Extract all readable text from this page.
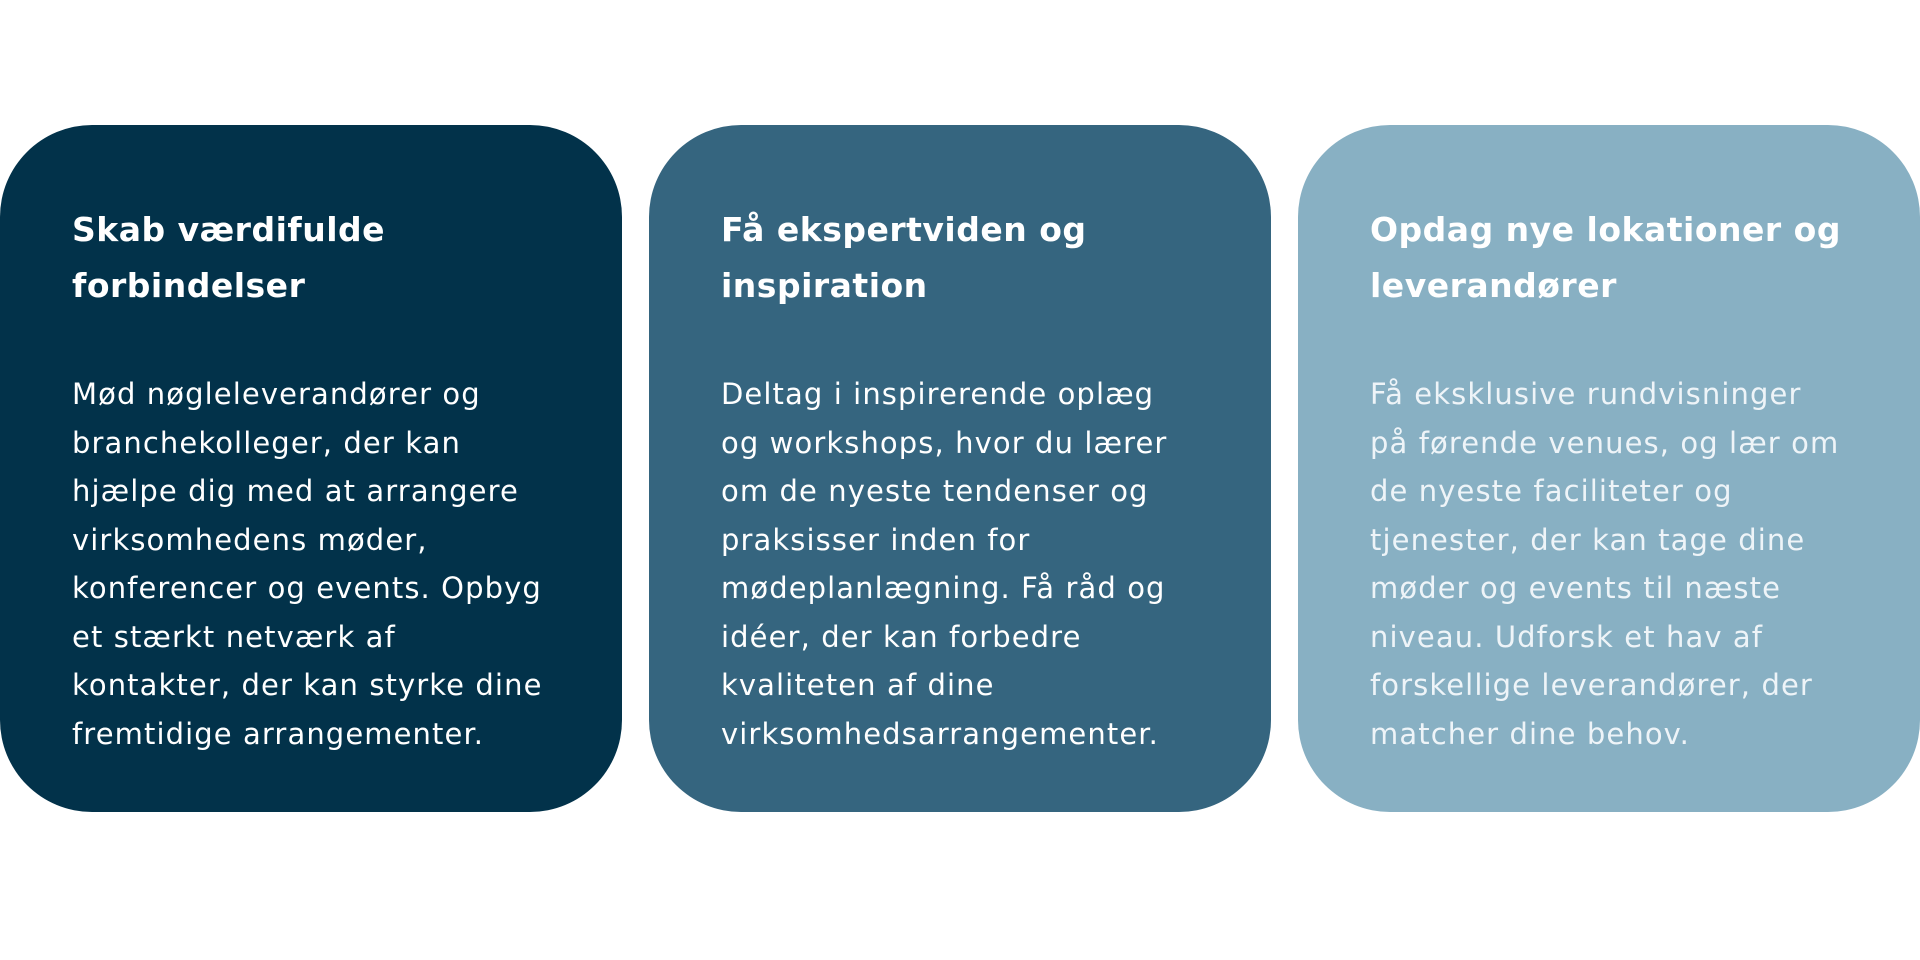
Skab værdifulde
forbindelser

Mød nøgleleverandører og
branchekolleger, der kan
hjælpe dig med at arrangere
virksomhedens møder,
konferencer og events. Opbyg
et stærkt netværk af
kontakter, der kan styrke dine
fremtidige arrangementer.

Få ekspertviden og
inspiration

Deltag i inspirerende oplæg
og workshops, hvor du lærer
om de nyeste tendenser og
praksisser inden for
mødeplanlægning. Få råd og
idéer, der kan forbedre
kvaliteten af dine
virksomhedsarrangementer.

Opdag nye lokationer og
leverandører

Få eksklusive rundvisninger
på førende venues, og lær om
de nyeste faciliteter og
tjenester, der kan tage dine
møder og events til næste
niveau. Udforsk et hav af
forskellige leverandører, der
matcher dine behov.
